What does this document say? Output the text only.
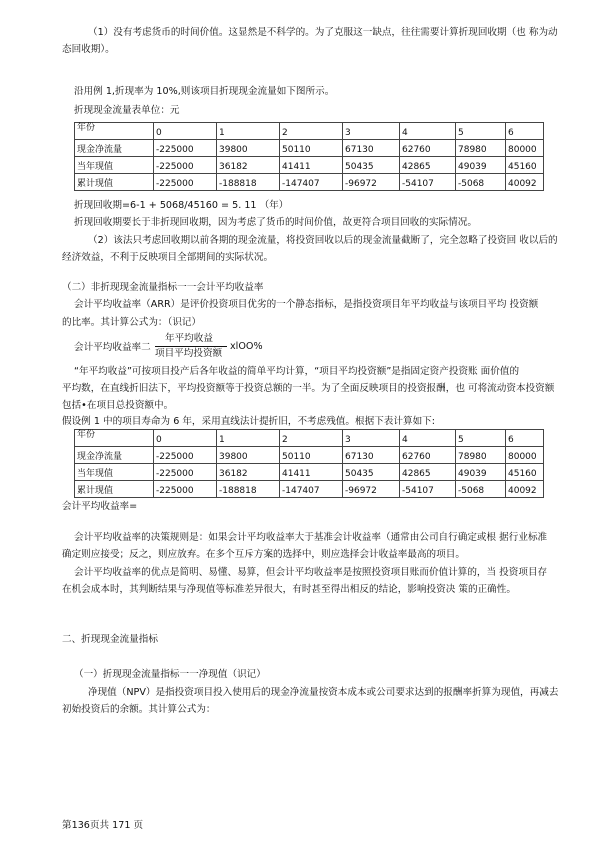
（1）没有考虑货币的时间价值。这显然是不科学的。为了克服这一缺点，往往需要计算折现回收期（也 称为动
态回收期）。
沿用例 1,折现率为 10%,则该项目折现现金流量如下图所示。
折现现金流量表单位：元
年份	0	1	2	3	4	5	6
现金净流量	-225000	39800	50110	67130	62760	78980	80000
当年现值	-225000	36182	41411	50435	42865	49039	45160
累计现值	-225000	-188818	-147407	-96972	-54107	-5068	40092
折现回收期=6-1 + 5068/45160 = 5. 11 （年）
折现回收期要长于非折现回收期，因为考虑了货币的时间价值，故更符合项目回收的实际情况。
（2）该法只考虑回收期以前各期的现金流量，将投资回收以后的现金流量截断了，完全忽略了投资回 收以后的
经济效益，不利于反映项目全部期间的实际状况。
（二）非折现现金流量指标一一会计平均收益率
会计平均收益率（ARR）是评价投资项目优劣的一个静态指标，是指投资项目年平均收益与该项目平均 投资额
的比率。其计算公式为：（识记）
会计平均收益率二
年平均收益
项目平均投资额
xlOO%
“年平均收益”可按项目投产后各年收益的简单平均计算，“项目平均投资额”是指固定资产投资账 面价值的
平均数，在直线折旧法下，平均投资额等于投资总额的一半。为了全面反映项目的投资报酬，也 可将流动资本投资额
包括•在项目总投资额中。
假设例 1 中的项目寿命为 6 年，采用直线法计提折旧，不考虑残值。根据下表计算如下:
年份	0	1	2	3	4	5	6
现金净流量	-225000	39800	50110	67130	62760	78980	80000
当年现值	-225000	36182	41411	50435	42865	49039	45160
累计现值	-225000	-188818	-147407	-96972	-54107	-5068	40092
会计平均收益率=
会计平均收益率的决策规则是：如果会计平均收益率大于基准会计收益率（通常由公司自行确定或根 据行业标准
确定则应接受；反之，则应放弃。在多个互斥方案的选择中，则应选择会计收益率最高的项目。
会计平均收益率的优点是简明、易懂、易算，但会计平均收益率是按照投资项目账而价值计算的，当 投资项目存
在机会成本时，其判断结果与净现值等标准差异很大，有时甚至得出相反的结论，影响投资决 策的正确性。
二、折现现金流量指标
（一）折现现金流量指标一一净现值（识记）
净现值（NPV）是指投资项目投入使用后的现金净流量按资本成本或公司要求达到的报酬率折算为现值，再减去
初始投资后的余额。其计算公式为：
第136页共 171 页
